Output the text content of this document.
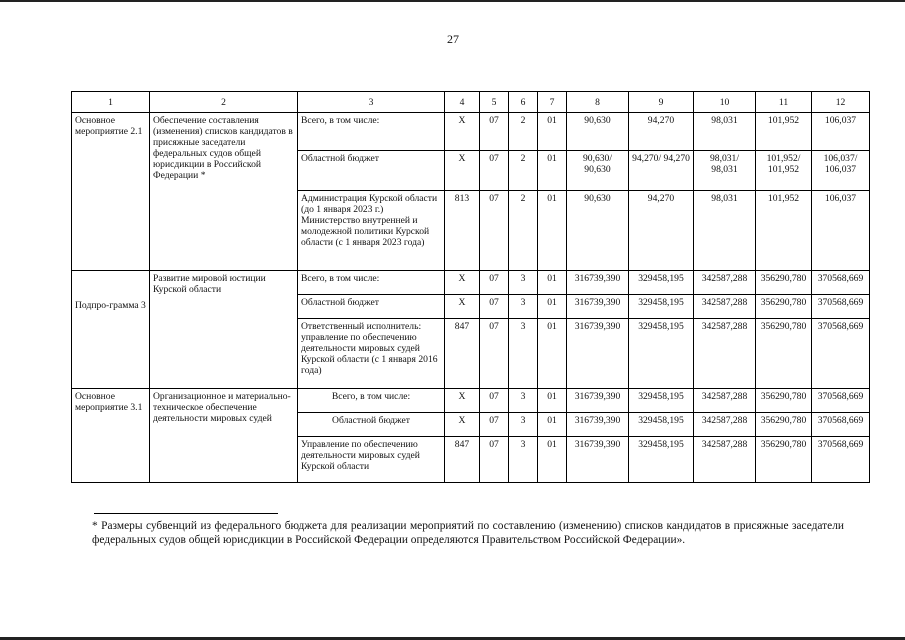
27
1	2	3	4	5	6	7	8	9	10	11	12
Основное мероприятие 2.1	Обеспечение составления (изменения) списков кандидатов в присяжные заседатели федеральных судов общей юрисдикции в Российской Федерации *	Всего, в том числе:	Х	07	2	01	90,630	94,270	98,031	101,952	106,037
		Областной бюджет	Х	07	2	01	90,630/ 90,630	94,270/ 94,270	98,031/ 98,031	101,952/ 101,952	106,037/ 106,037
		Администрация Курской области (до 1 января 2023 г.) Министерство внутренней и молодежной политики Курской области (с 1 января 2023 года)	813	07	2	01	90,630	94,270	98,031	101,952	106,037
Подпро-грамма 3	Развитие мировой юстиции Курской области	Всего, в том числе:	Х	07	3	01	316739,390	329458,195	342587,288	356290,780	370568,669
		Областной бюджет	Х	07	3	01	316739,390	329458,195	342587,288	356290,780	370568,669
		Ответственный исполнитель: управление по обеспечению деятельности мировых судей Курской области (с 1 января 2016 года)	847	07	3	01	316739,390	329458,195	342587,288	356290,780	370568,669
Основное мероприятие 3.1	Организационное и материально-техническое обеспечение деятельности мировых судей	Всего, в том числе:	Х	07	3	01	316739,390	329458,195	342587,288	356290,780	370568,669
		Областной бюджет	Х	07	3	01	316739,390	329458,195	342587,288	356290,780	370568,669
		Управление по обеспечению деятельности мировых судей Курской области	847	07	3	01	316739,390	329458,195	342587,288	356290,780	370568,669
* Размеры субвенций из федерального бюджета для реализации мероприятий по составлению (изменению) списков кандидатов в присяжные заседатели федеральных судов общей юрисдикции в Российской Федерации определяются Правительством Российской Федерации».
